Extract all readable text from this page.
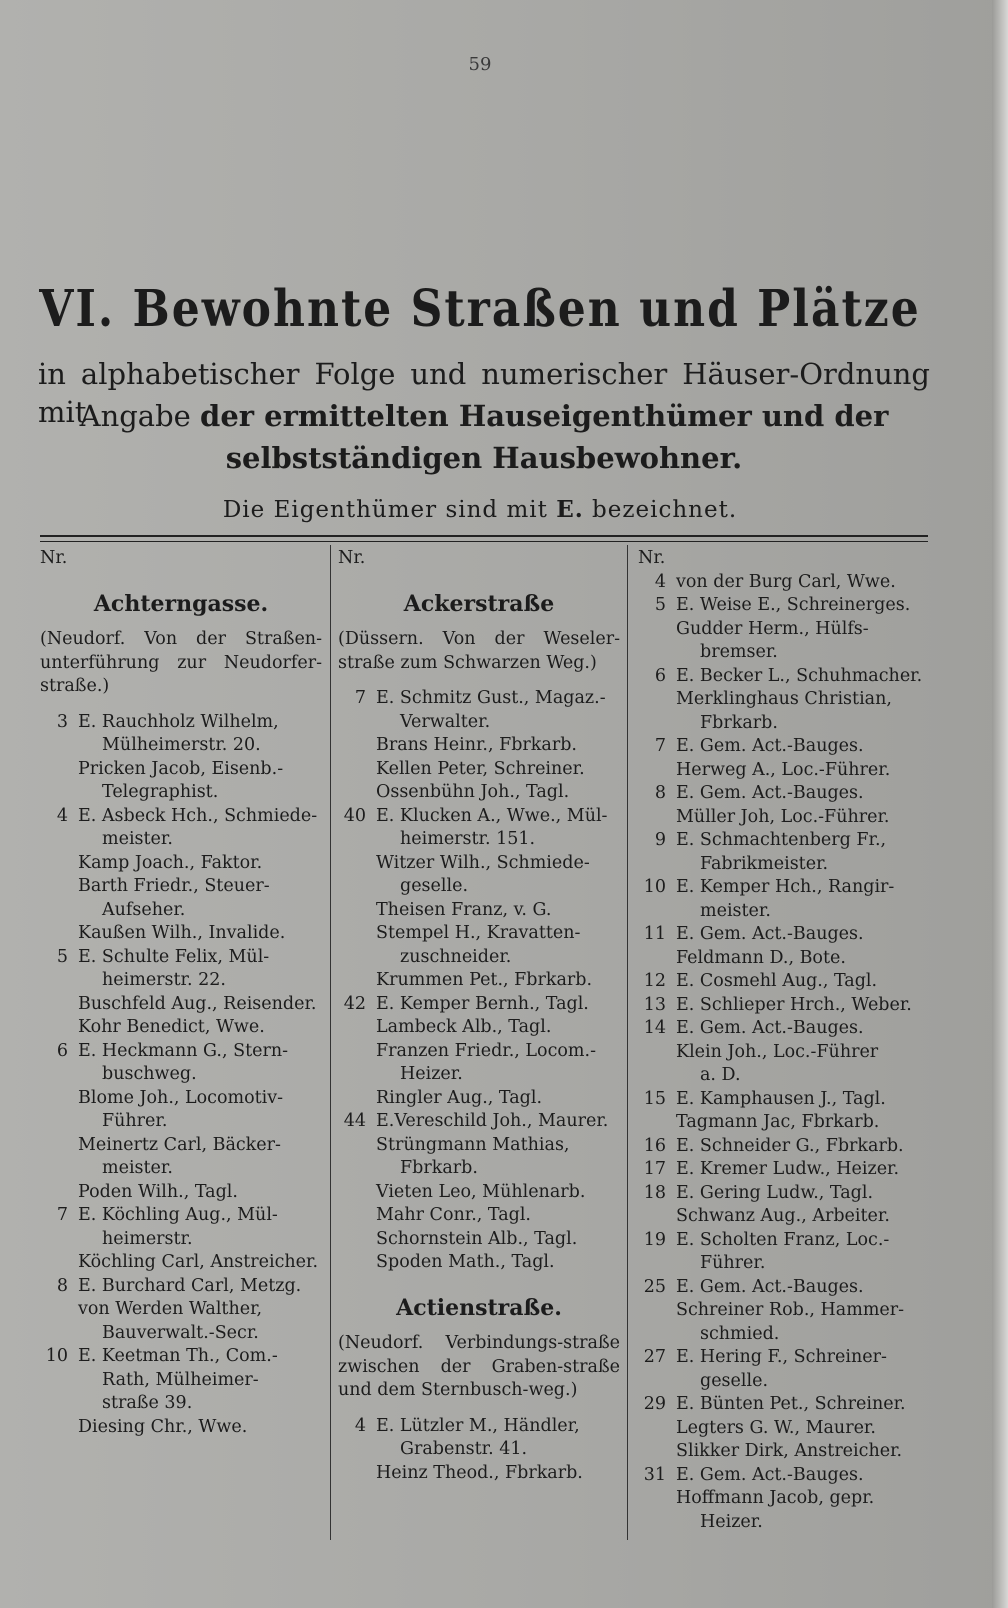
59
VI. Bewohnte Straßen und Plätze
in alphabetischer Folge und numerischer Häuser-Ordnung mit
Angabe der ermittelten Hauseigenthümer und der
selbstständigen Hausbewohner.
Die Eigenthümer sind mit E. bezeichnet.
Nr.
Achterngasse.
(Neudorf. Von der Straßen-unterführung zur Neudorfer-straße.)
3 E. Rauchholz Wilhelm,
Mülheimerstr. 20.
Pricken Jacob, Eisenb.-
Telegraphist.
4 E. Asbeck Hch., Schmiede-
meister.
Kamp Joach., Faktor.
Barth Friedr., Steuer-
Aufseher.
Kaußen Wilh., Invalide.
5 E. Schulte Felix, Mül-
heimerstr. 22.
Buschfeld Aug., Reisender.
Kohr Benedict, Wwe.
6 E. Heckmann G., Stern-
buschweg.
Blome Joh., Locomotiv-
Führer.
Meinertz Carl, Bäcker-
meister.
Poden Wilh., Tagl.
7 E. Köchling Aug., Mül-
heimerstr.
Köchling Carl, Anstreicher.
8 E. Burchard Carl, Metzg.
von Werden Walther,
Bauverwalt.-Secr.
10 E. Keetman Th., Com.-
Rath, Mülheimer-
straße 39.
Diesing Chr., Wwe.
Nr.
Ackerstraße
(Düssern. Von der Weseler-straße zum Schwarzen Weg.)
7 E. Schmitz Gust., Magaz.-
Verwalter.
Brans Heinr., Fbrkarb.
Kellen Peter, Schreiner.
Ossenbühn Joh., Tagl.
40 E. Klucken A., Wwe., Mül-
heimerstr. 151.
Witzer Wilh., Schmiede-
geselle.
Theisen Franz, v. G.
Stempel H., Kravatten-
zuschneider.
Krummen Pet., Fbrkarb.
42 E. Kemper Bernh., Tagl.
Lambeck Alb., Tagl.
Franzen Friedr., Locom.-
Heizer.
Ringler Aug., Tagl.
44 E.Vereschild Joh., Maurer.
Strüngmann Mathias,
Fbrkarb.
Vieten Leo, Mühlenarb.
Mahr Conr., Tagl.
Schornstein Alb., Tagl.
Spoden Math., Tagl.
Actienstraße.
(Neudorf. Verbindungs-straße zwischen der Graben-straße und dem Sternbusch-weg.)
4 E. Lützler M., Händler,
Grabenstr. 41.
Heinz Theod., Fbrkarb.
Nr.
4 von der Burg Carl, Wwe.
5 E. Weise E., Schreinerges.
Gudder Herm., Hülfs-
bremser.
6 E. Becker L., Schuhmacher.
Merklinghaus Christian,
Fbrkarb.
7 E. Gem. Act.-Bauges.
Herweg A., Loc.-Führer.
8 E. Gem. Act.-Bauges.
Müller Joh, Loc.-Führer.
9 E. Schmachtenberg Fr.,
Fabrikmeister.
10 E. Kemper Hch., Rangir-
meister.
11 E. Gem. Act.-Bauges.
Feldmann D., Bote.
12 E. Cosmehl Aug., Tagl.
13 E. Schlieper Hrch., Weber.
14 E. Gem. Act.-Bauges.
Klein Joh., Loc.-Führer
a. D.
15 E. Kamphausen J., Tagl.
Tagmann Jac, Fbrkarb.
16 E. Schneider G., Fbrkarb.
17 E. Kremer Ludw., Heizer.
18 E. Gering Ludw., Tagl.
Schwanz Aug., Arbeiter.
19 E. Scholten Franz, Loc.-
Führer.
25 E. Gem. Act.-Bauges.
Schreiner Rob., Hammer-
schmied.
27 E. Hering F., Schreiner-
geselle.
29 E. Bünten Pet., Schreiner.
Legters G. W., Maurer.
Slikker Dirk, Anstreicher.
31 E. Gem. Act.-Bauges.
Hoffmann Jacob, gepr.
Heizer.
